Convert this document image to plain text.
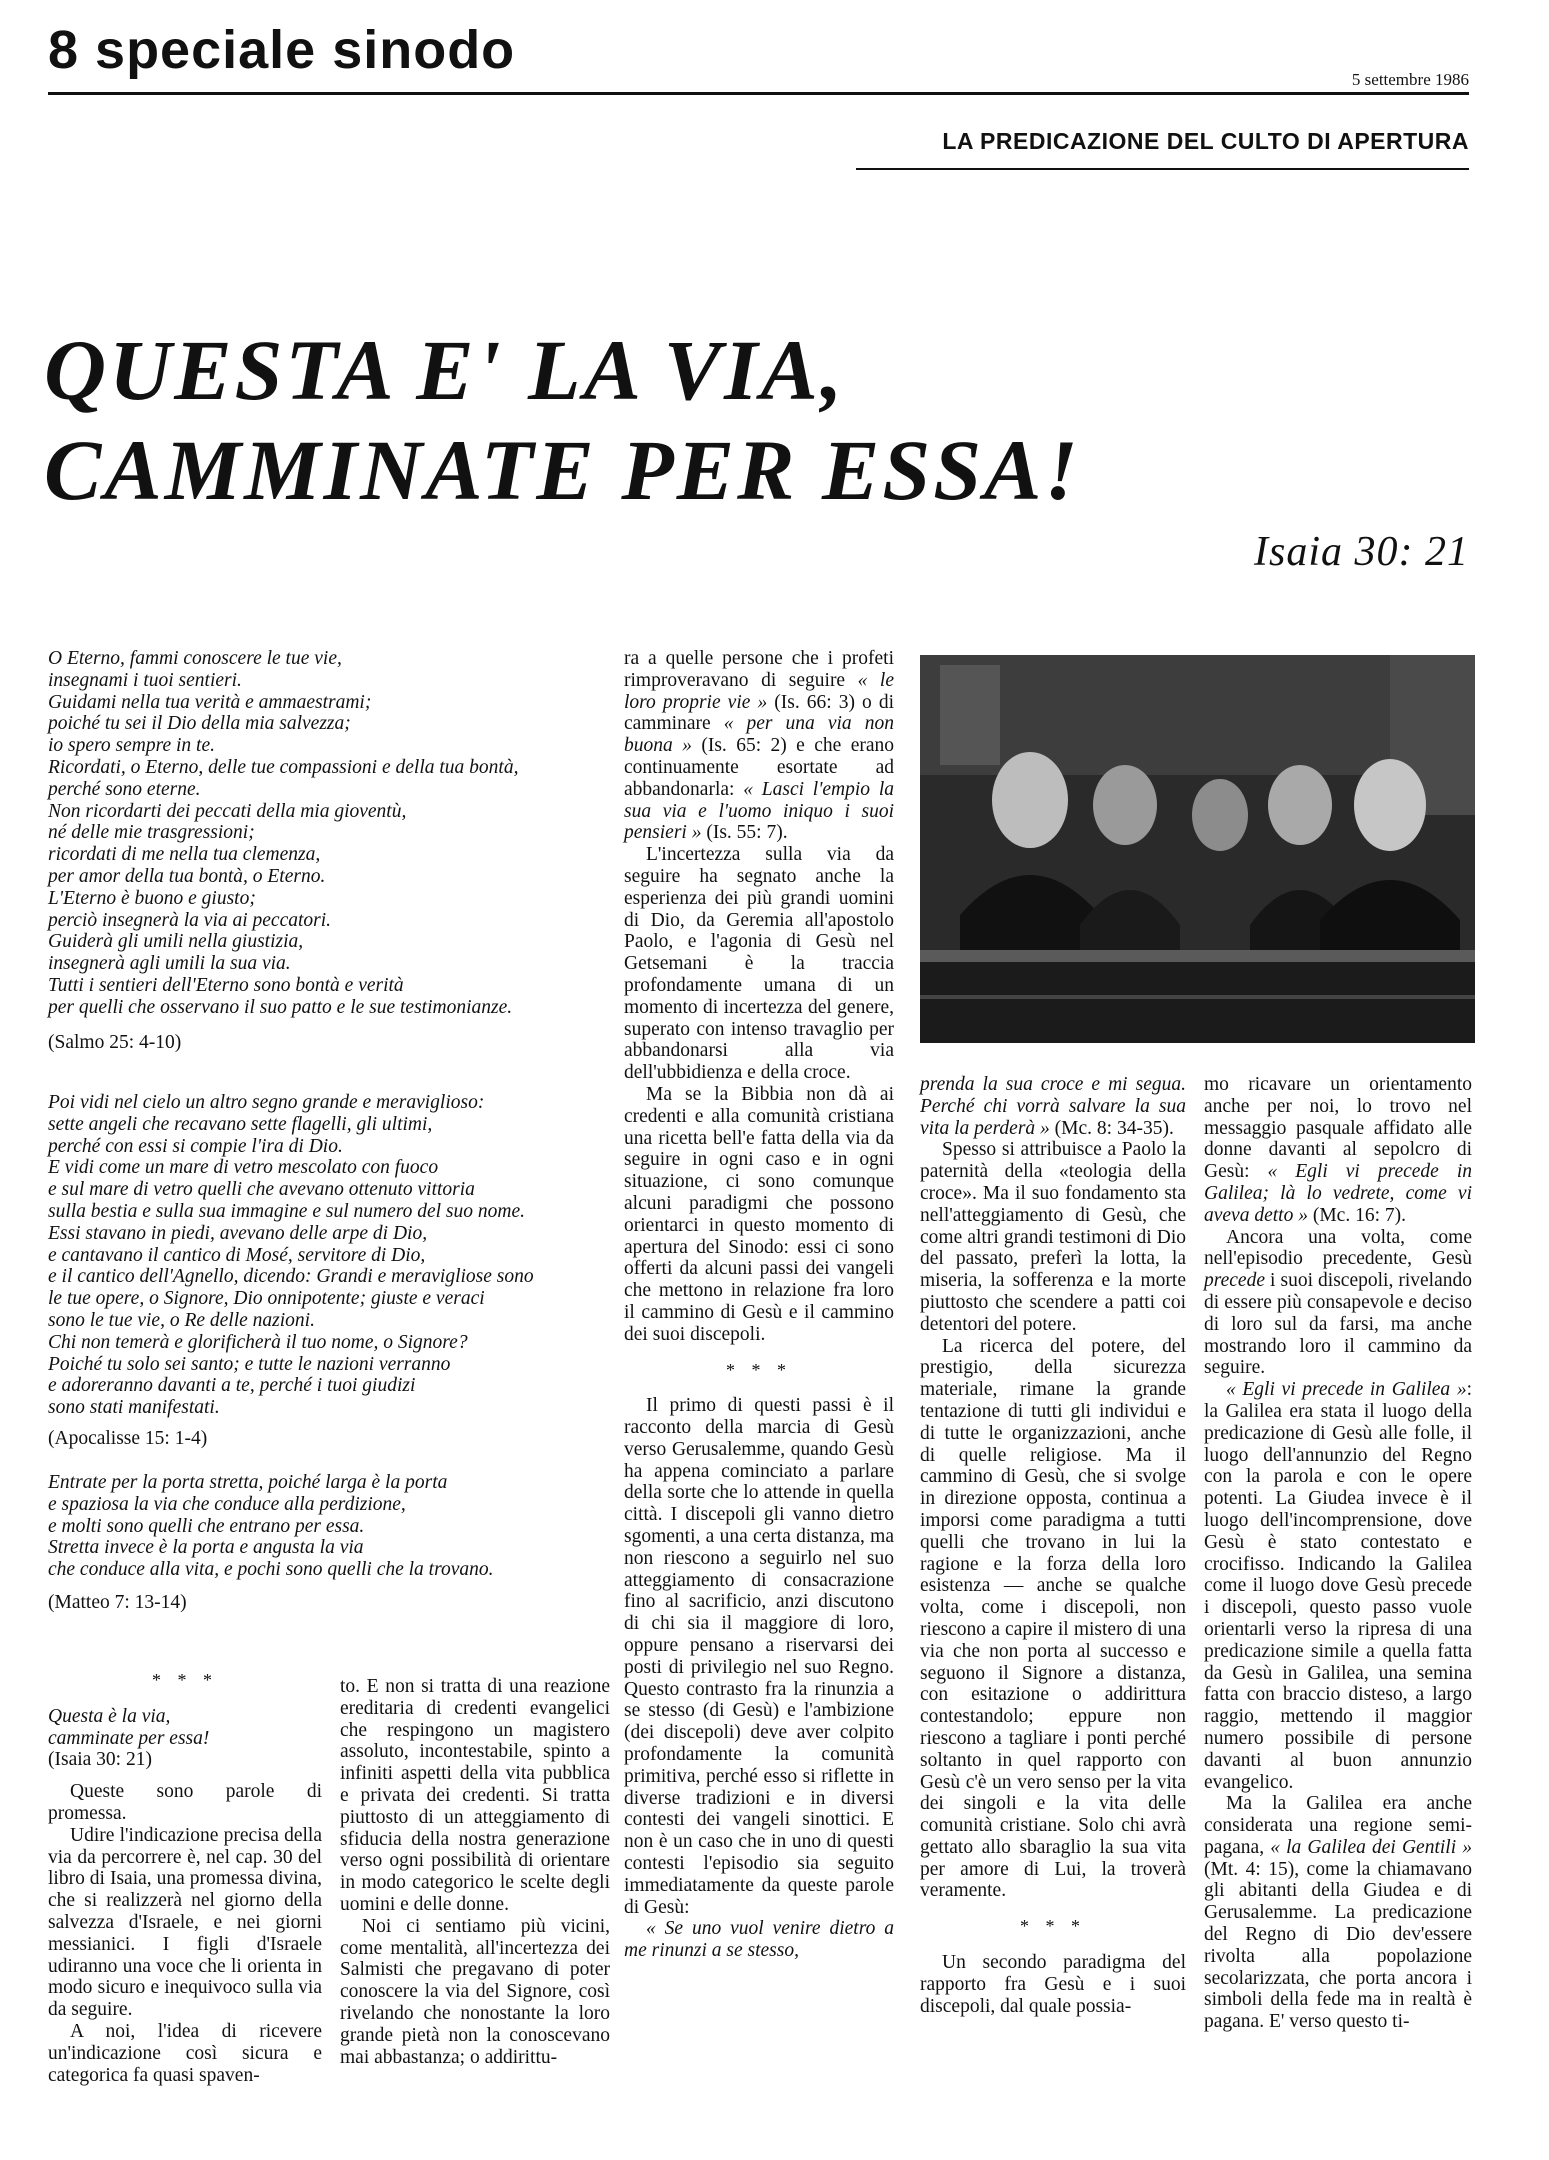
8 speciale sinodo	5 settembre 1986
LA PREDICAZIONE DEL CULTO DI APERTURA
QUESTA E' LA VIA,
CAMMINATE PER ESSA!
Isaia 30: 21
O Eterno, fammi conoscere le tue vie,
insegnami i tuoi sentieri.
Guidami nella tua verità e ammaestrami;
poiché tu sei il Dio della mia salvezza;
io spero sempre in te.
Ricordati, o Eterno, delle tue compassioni e della tua bontà,
perché sono eterne.
Non ricordarti dei peccati della mia gioventù,
né delle mie trasgressioni;
ricordati di me nella tua clemenza,
per amor della tua bontà, o Eterno.
L'Eterno è buono e giusto;
perciò insegnerà la via ai peccatori.
Guiderà gli umili nella giustizia,
insegnerà agli umili la sua via.
Tutti i sentieri dell'Eterno sono bontà e verità
per quelli che osservano il suo patto e le sue testimonianze.
(Salmo 25: 4-10)
Poi vidi nel cielo un altro segno grande e meraviglioso:
sette angeli che recavano sette flagelli, gli ultimi,
perché con essi si compie l'ira di Dio.
E vidi come un mare di vetro mescolato con fuoco
e sul mare di vetro quelli che avevano ottenuto vittoria
sulla bestia e sulla sua immagine e sul numero del suo nome.
Essi stavano in piedi, avevano delle arpe di Dio,
e cantavano il cantico di Mosé, servitore di Dio,
e il cantico dell'Agnello, dicendo: Grandi e meravigliose sono
le tue opere, o Signore, Dio onnipotente; giuste e veraci
sono le tue vie, o Re delle nazioni.
Chi non temerà e glorificherà il tuo nome, o Signore?
Poiché tu solo sei santo; e tutte le nazioni verranno
e adoreranno davanti a te, perché i tuoi giudizi
sono stati manifestati.
(Apocalisse 15: 1-4)
Entrate per la porta stretta, poiché larga è la porta
e spaziosa la via che conduce alla perdizione,
e molti sono quelli che entrano per essa.
Stretta invece è la porta e angusta la via
che conduce alla vita, e pochi sono quelli che la trovano.
(Matteo 7: 13-14)
* * *

Questa è la via,

camminate per essa!

(Isaia 30: 21)

Queste sono parole di promessa.

Udire l'indicazione precisa della via da percorrere è, nel cap. 30 del libro di Isaia, una promessa divina, che si realizzerà nel giorno della salvezza d'Israele, e nei giorni messianici. I figli d'Israele udiranno una voce che li orienta in modo sicuro e inequivoco sulla via da seguire.

A noi, l'idea di ricevere un'indicazione così sicura e categorica fa quasi spaven-

to. E non si tratta di una reazione ereditaria di credenti evangelici che respingono un magistero assoluto, incontestabile, spinto a infiniti aspetti della vita pubblica e privata dei credenti. Si tratta piuttosto di un atteggiamento di sfiducia della nostra generazione verso ogni possibilità di orientare in modo categorico le scelte degli uomini e delle donne.

Noi ci sentiamo più vicini, come mentalità, all'incertezza dei Salmisti che pregavano di poter conoscere la via del Signore, così rivelando che nonostante la loro grande pietà non la conoscevano mai abbastanza; o addirittu-

ra a quelle persone che i profeti rimproveravano di seguire « le loro proprie vie » (Is. 66: 3) o di camminare « per una via non buona » (Is. 65: 2) e che erano continuamente esortate ad abbandonarla: « Lasci l'empio la sua via e l'uomo iniquo i suoi pensieri » (Is. 55: 7).

L'incertezza sulla via da seguire ha segnato anche la esperienza dei più grandi uomini di Dio, da Geremia all'apostolo Paolo, e l'agonia di Gesù nel Getsemani è la traccia profondamente umana di un momento di incertezza del genere, superato con intenso travaglio per abbandonarsi alla via dell'ubbidienza e della croce.

Ma se la Bibbia non dà ai credenti e alla comunità cristiana una ricetta bell'e fatta della via da seguire in ogni caso e in ogni situazione, ci sono comunque alcuni paradigmi che possono orientarci in questo momento di apertura del Sinodo: essi ci sono offerti da alcuni passi dei vangeli che mettono in relazione fra loro il cammino di Gesù e il cammino dei suoi discepoli.

* * *

Il primo di questi passi è il racconto della marcia di Gesù verso Gerusalemme, quando Gesù ha appena cominciato a parlare della sorte che lo attende in quella città. I discepoli gli vanno dietro sgomenti, a una certa distanza, ma non riescono a seguirlo nel suo atteggiamento di consacrazione fino al sacrificio, anzi discutono di chi sia il maggiore di loro, oppure pensano a riservarsi dei posti di privilegio nel suo Regno. Questo contrasto fra la rinunzia a se stesso (di Gesù) e l'ambizione (dei discepoli) deve aver colpito profondamente la comunità primitiva, perché esso si riflette in diverse tradizioni e in diversi contesti dei vangeli sinottici. E non è un caso che in uno di questi contesti l'episodio sia seguito immediatamente da queste parole di Gesù:

« Se uno vuol venire dietro a me rinunzi a se stesso,

prenda la sua croce e mi segua. Perché chi vorrà salvare la sua vita la perderà » (Mc. 8: 34-35).

Spesso si attribuisce a Paolo la paternità della «teologia della croce». Ma il suo fondamento sta nell'atteggiamento di Gesù, che come altri grandi testimoni di Dio del passato, preferì la lotta, la miseria, la sofferenza e la morte piuttosto che scendere a patti coi detentori del potere.

La ricerca del potere, del prestigio, della sicurezza materiale, rimane la grande tentazione di tutti gli individui e di tutte le organizzazioni, anche di quelle religiose. Ma il cammino di Gesù, che si svolge in direzione opposta, continua a imporsi come paradigma a tutti quelli che trovano in lui la ragione e la forza della loro esistenza — anche se qualche volta, come i discepoli, non riescono a capire il mistero di una via che non porta al successo e seguono il Signore a distanza, con esitazione o addirittura contestandolo; eppure non riescono a tagliare i ponti perché soltanto in quel rapporto con Gesù c'è un vero senso per la vita dei singoli e la vita delle comunità cristiane. Solo chi avrà gettato allo sbaraglio la sua vita per amore di Lui, la troverà veramente.

* * *

Un secondo paradigma del rapporto fra Gesù e i suoi discepoli, dal quale possia-

mo ricavare un orientamento anche per noi, lo trovo nel messaggio pasquale affidato alle donne davanti al sepolcro di Gesù: « Egli vi precede in Galilea; là lo vedrete, come vi aveva detto » (Mc. 16: 7).

Ancora una volta, come nell'episodio precedente, Gesù precede i suoi discepoli, rivelando di essere più consapevole e deciso di loro sul da farsi, ma anche mostrando loro il cammino da seguire.

« Egli vi precede in Galilea »: la Galilea era stata il luogo della predicazione di Gesù alle folle, il luogo dell'annunzio del Regno con la parola e con le opere potenti. La Giudea invece è il luogo dell'incomprensione, dove Gesù è stato contestato e crocifisso. Indicando la Galilea come il luogo dove Gesù precede i discepoli, questo passo vuole orientarli verso la ripresa di una predicazione simile a quella fatta da Gesù in Galilea, una semina fatta con braccio disteso, a largo raggio, mettendo il maggior numero possibile di persone davanti al buon annunzio evangelico.

Ma la Galilea era anche considerata una regione semi-pagana, « la Galilea dei Gentili » (Mt. 4: 15), come la chiamavano gli abitanti della Giudea e di Gerusalemme. La predicazione del Regno di Dio dev'essere rivolta alla popolazione secolarizzata, che porta ancora i simboli della fede ma in realtà è pagana. E' verso questo ti-
